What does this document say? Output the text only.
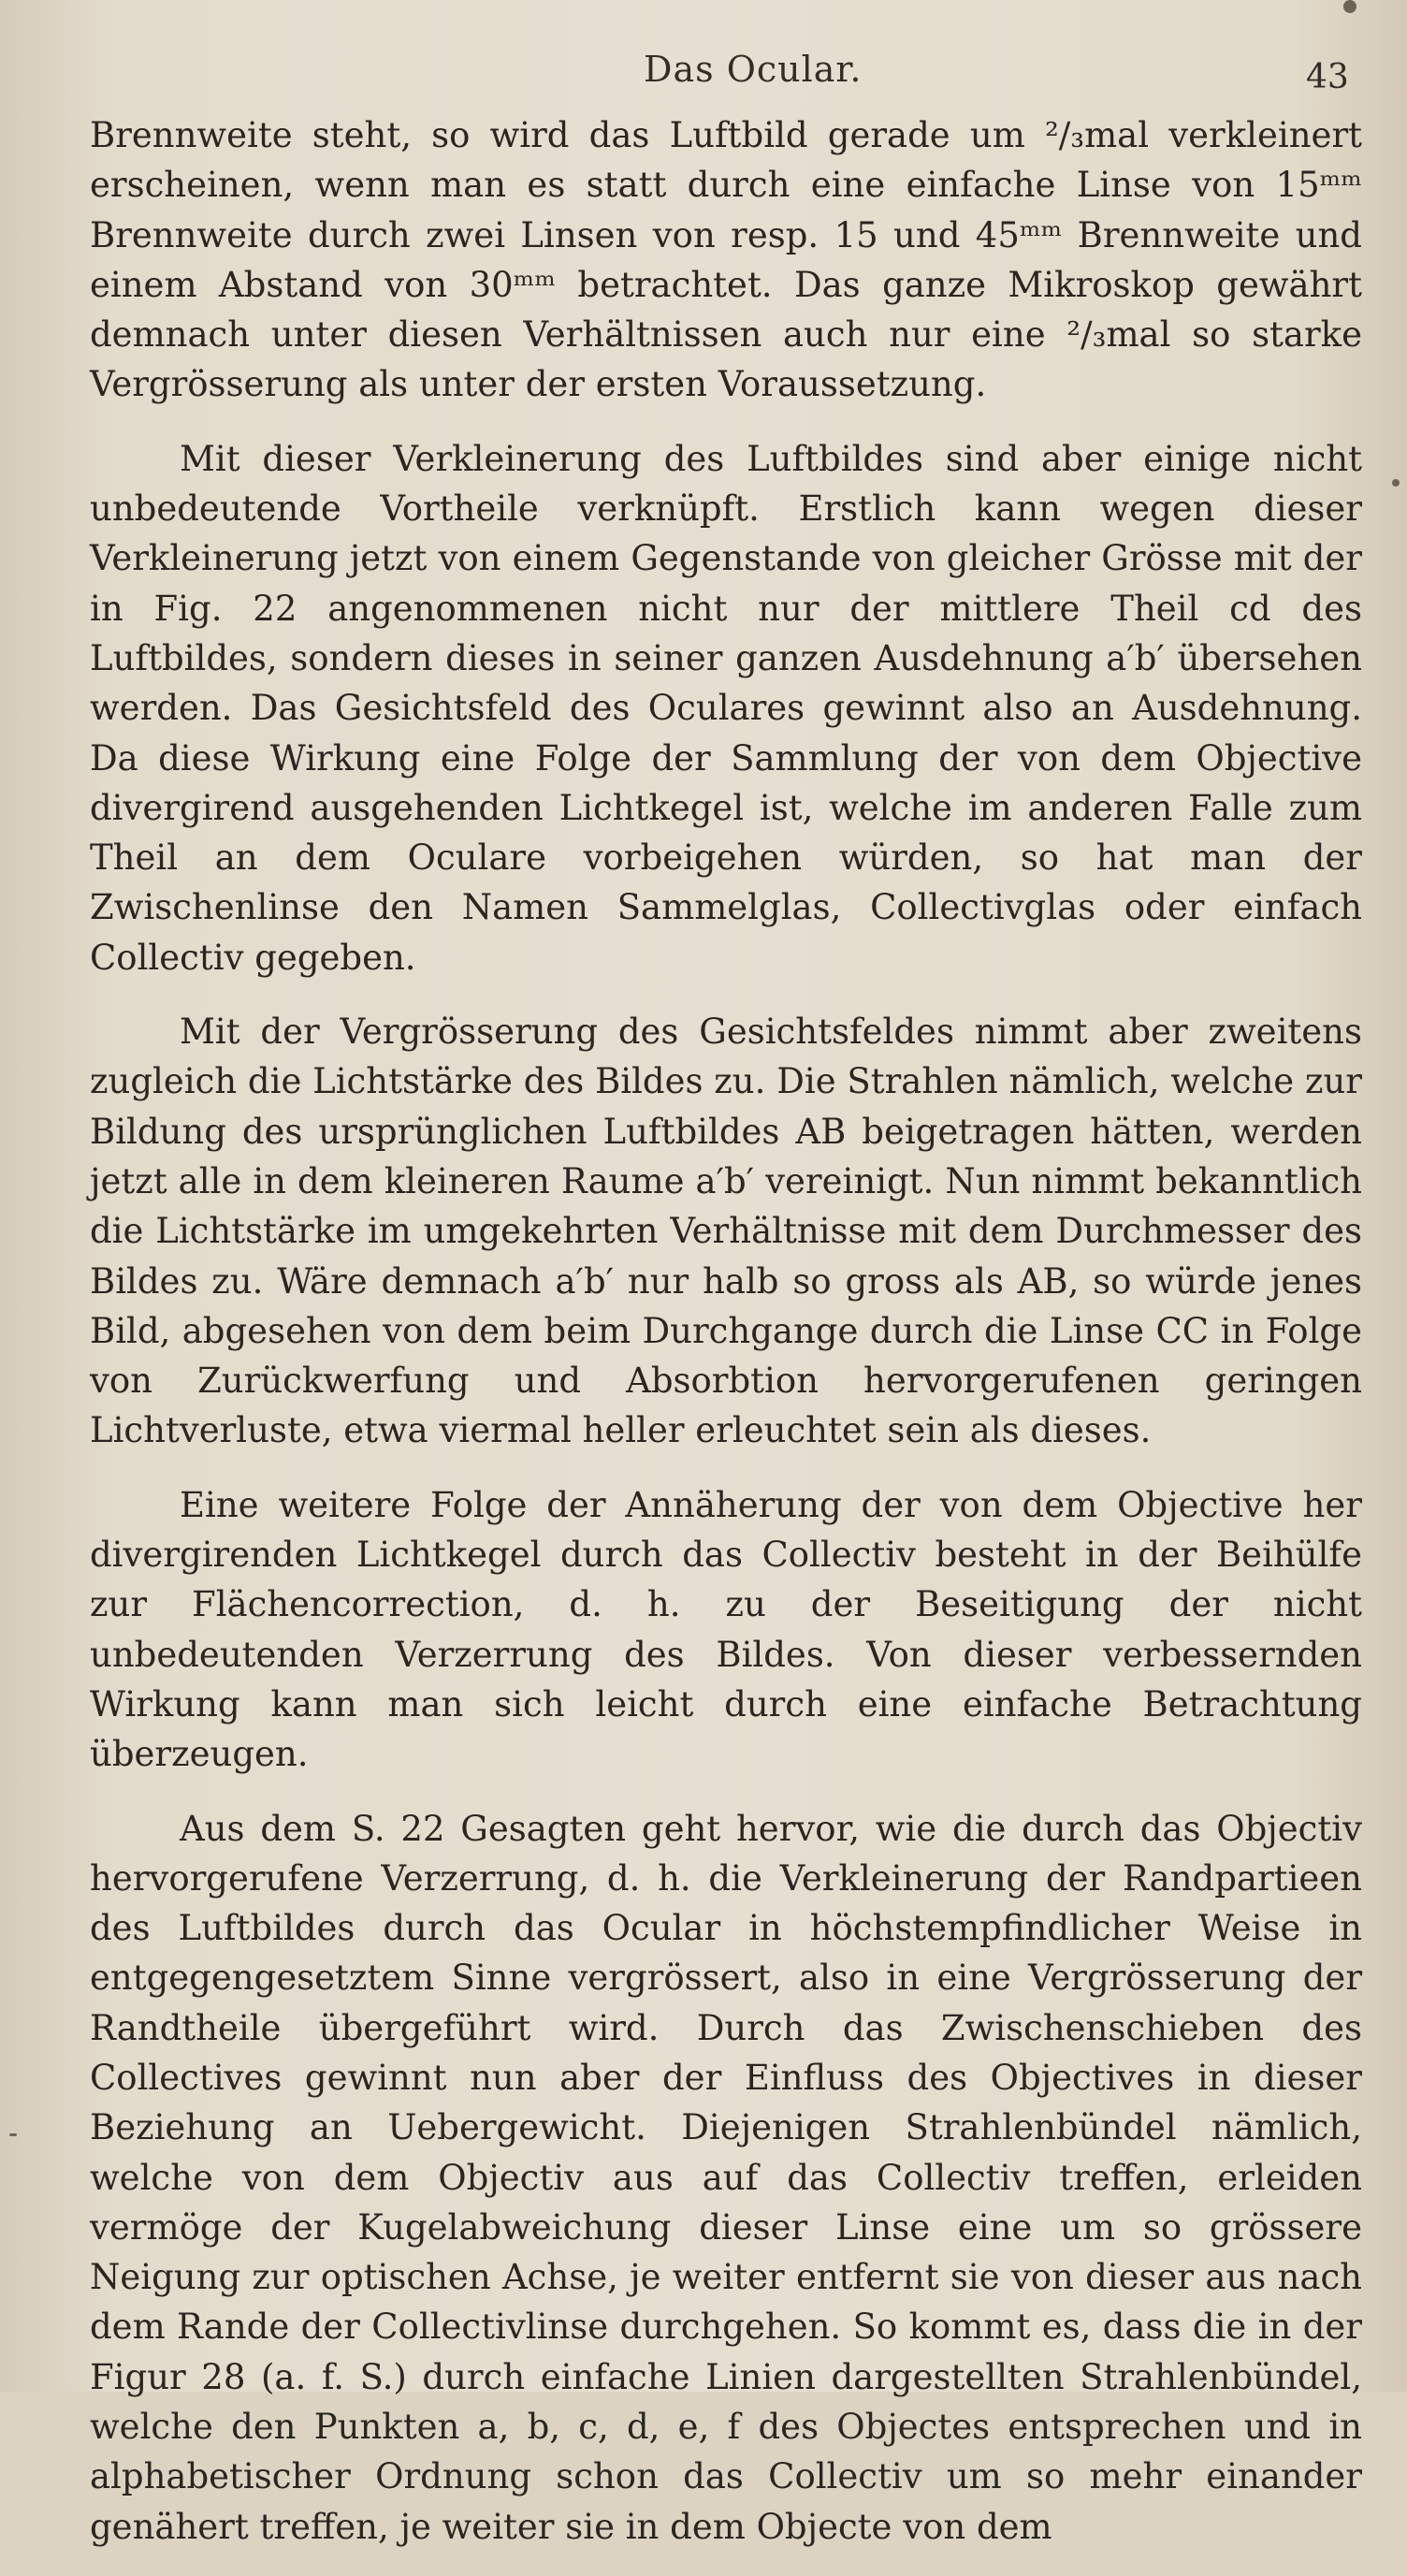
Das Ocular.	43

Brennweite steht, so wird das Luftbild gerade um ²/₃mal verkleinert erscheinen, wenn man es statt durch eine einfache Linse von 15ᵐᵐ Brennweite durch zwei Linsen von resp. 15 und 45ᵐᵐ Brennweite und einem Abstand von 30ᵐᵐ betrachtet. Das ganze Mikroskop gewährt demnach unter diesen Verhältnissen auch nur eine ²/₃mal so starke Vergrösserung als unter der ersten Voraussetzung.

Mit dieser Verkleinerung des Luftbildes sind aber einige nicht unbedeutende Vortheile verknüpft. Erstlich kann wegen dieser Verkleinerung jetzt von einem Gegenstande von gleicher Grösse mit der in Fig. 22 angenommenen nicht nur der mittlere Theil cd des Luftbildes, sondern dieses in seiner ganzen Ausdehnung a′b′ übersehen werden. Das Gesichtsfeld des Oculares gewinnt also an Ausdehnung. Da diese Wirkung eine Folge der Sammlung der von dem Objective divergirend ausgehenden Lichtkegel ist, welche im anderen Falle zum Theil an dem Oculare vorbeigehen würden, so hat man der Zwischenlinse den Namen Sammelglas, Collectivglas oder einfach Collectiv gegeben.

Mit der Vergrösserung des Gesichtsfeldes nimmt aber zweitens zugleich die Lichtstärke des Bildes zu. Die Strahlen nämlich, welche zur Bildung des ursprünglichen Luftbildes AB beigetragen hätten, werden jetzt alle in dem kleineren Raume a′b′ vereinigt. Nun nimmt bekanntlich die Lichtstärke im umgekehrten Verhältnisse mit dem Durchmesser des Bildes zu. Wäre demnach a′b′ nur halb so gross als AB, so würde jenes Bild, abgesehen von dem beim Durchgange durch die Linse CC in Folge von Zurückwerfung und Absorbtion hervorgerufenen geringen Lichtverluste, etwa viermal heller erleuchtet sein als dieses.

Eine weitere Folge der Annäherung der von dem Objective her divergirenden Lichtkegel durch das Collectiv besteht in der Beihülfe zur Flächencorrection, d. h. zu der Beseitigung der nicht unbedeutenden Verzerrung des Bildes. Von dieser verbessernden Wirkung kann man sich leicht durch eine einfache Betrachtung überzeugen.

Aus dem S. 22 Gesagten geht hervor, wie die durch das Objectiv hervorgerufene Verzerrung, d. h. die Verkleinerung der Randpartieen des Luftbildes durch das Ocular in höchstempfindlicher Weise in entgegengesetztem Sinne vergrössert, also in eine Vergrösserung der Randtheile übergeführt wird. Durch das Zwischenschieben des Collectives gewinnt nun aber der Einfluss des Objectives in dieser Beziehung an Uebergewicht. Diejenigen Strahlenbündel nämlich, welche von dem Objectiv aus auf das Collectiv treffen, erleiden vermöge der Kugelabweichung dieser Linse eine um so grössere Neigung zur optischen Achse, je weiter entfernt sie von dieser aus nach dem Rande der Collectivlinse durchgehen. So kommt es, dass die in der Figur 28 (a. f. S.) durch einfache Linien dargestellten Strahlenbündel, welche den Punkten a, b, c, d, e, f des Objectes entsprechen und in alphabetischer Ordnung schon das Collectiv um so mehr einander genähert treffen, je weiter sie in dem Objecte von dem
